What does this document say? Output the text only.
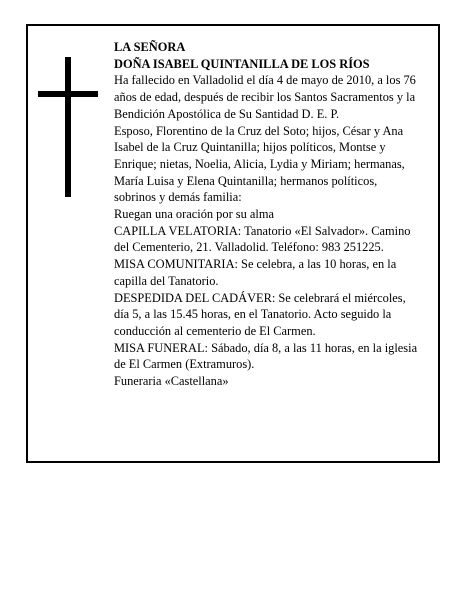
LA SEÑORA

DOÑA ISABEL QUINTANILLA DE LOS RÍOS

Ha fallecido en Valladolid el día 4 de mayo de 2010, a los 76 años de edad, después de recibir los Santos Sacramentos y la Bendición Apostólica de Su Santidad D. E. P.

Esposo, Florentino de la Cruz del Soto; hijos, César y Ana Isabel de la Cruz Quintanilla; hijos políticos, Montse y Enrique; nietas, Noelia, Alicia, Lydia y Miriam; hermanas, María Luisa y Elena Quintanilla; hermanos políticos, sobrinos y demás familia:

Ruegan una oración por su alma

CAPILLA VELATORIA: Tanatorio «El Salvador». Camino del Cementerio, 21. Valladolid. Teléfono: 983 251225.

MISA COMUNITARIA: Se celebra, a las 10 horas, en la capilla del Tanatorio.

DESPEDIDA DEL CADÁVER: Se celebrará el miércoles, día 5, a las 15.45 horas, en el Tanatorio. Acto seguido la conducción al cementerio de El Carmen.

MISA FUNERAL: Sábado, día 8, a las 11 horas, en la iglesia de El Carmen (Extramuros).

Funeraria «Castellana»
